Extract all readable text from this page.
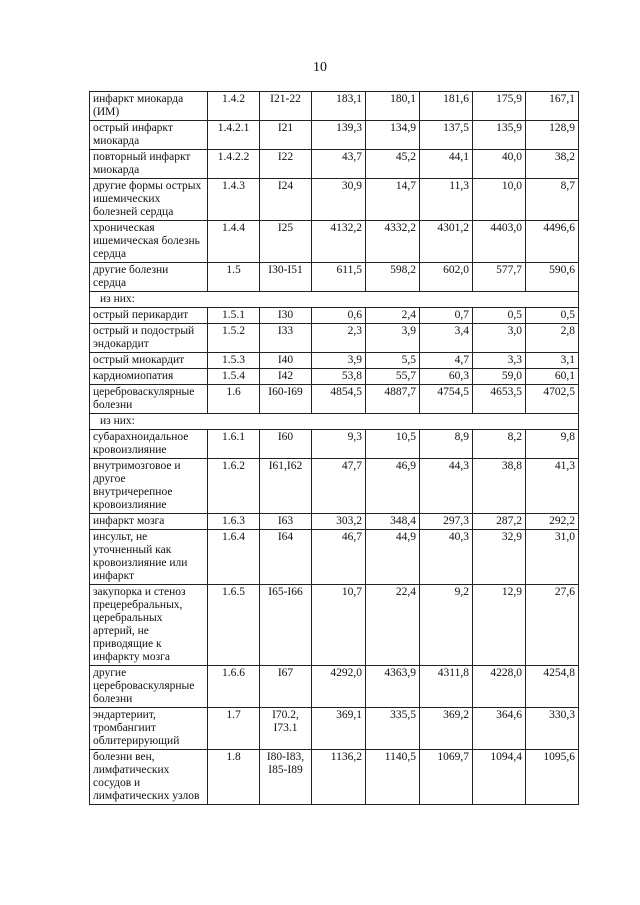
10
инфаркт миокарда (ИМ)	1.4.2	I21-22	183,1	180,1	181,6	175,9	167,1
острый инфаркт миокарда	1.4.2.1	I21	139,3	134,9	137,5	135,9	128,9
повторный инфаркт миокарда	1.4.2.2	I22	43,7	45,2	44,1	40,0	38,2
другие формы острых ишемических болезней сердца	1.4.3	I24	30,9	14,7	11,3	10,0	8,7
хроническая ишемическая болезнь сердца	1.4.4	I25	4132,2	4332,2	4301,2	4403,0	4496,6
другие болезни сердца	1.5	I30-I51	611,5	598,2	602,0	577,7	590,6
из них:							
острый перикардит	1.5.1	I30	0,6	2,4	0,7	0,5	0,5
острый и подострый эндокардит	1.5.2	I33	2,3	3,9	3,4	3,0	2,8
острый миокардит	1.5.3	I40	3,9	5,5	4,7	3,3	3,1
кардиомиопатия	1.5.4	I42	53,8	55,7	60,3	59,0	60,1
цереброваскулярные болезни	1.6	I60-I69	4854,5	4887,7	4754,5	4653,5	4702,5
из них:							
субарахноидальное кровоизлияние	1.6.1	I60	9,3	10,5	8,9	8,2	9,8
внутримозговое и другое внутричерепное кровоизлияние	1.6.2	I61,I62	47,7	46,9	44,3	38,8	41,3
инфаркт мозга	1.6.3	I63	303,2	348,4	297,3	287,2	292,2
инсульт, не уточненный как кровоизлияние или инфаркт	1.6.4	I64	46,7	44,9	40,3	32,9	31,0
закупорка и стеноз прецеребральных, церебральных артерий, не приводящие к инфаркту мозга	1.6.5	I65-I66	10,7	22,4	9,2	12,9	27,6
другие цереброваскулярные болезни	1.6.6	I67	4292,0	4363,9	4311,8	4228,0	4254,8
эндартериит, тромбангиит облитерирующий	1.7	I70.2, I73.1	369,1	335,5	369,2	364,6	330,3
болезни вен, лимфатических сосудов и лимфатических узлов	1.8	I80-I83, I85-I89	1136,2	1140,5	1069,7	1094,4	1095,6
